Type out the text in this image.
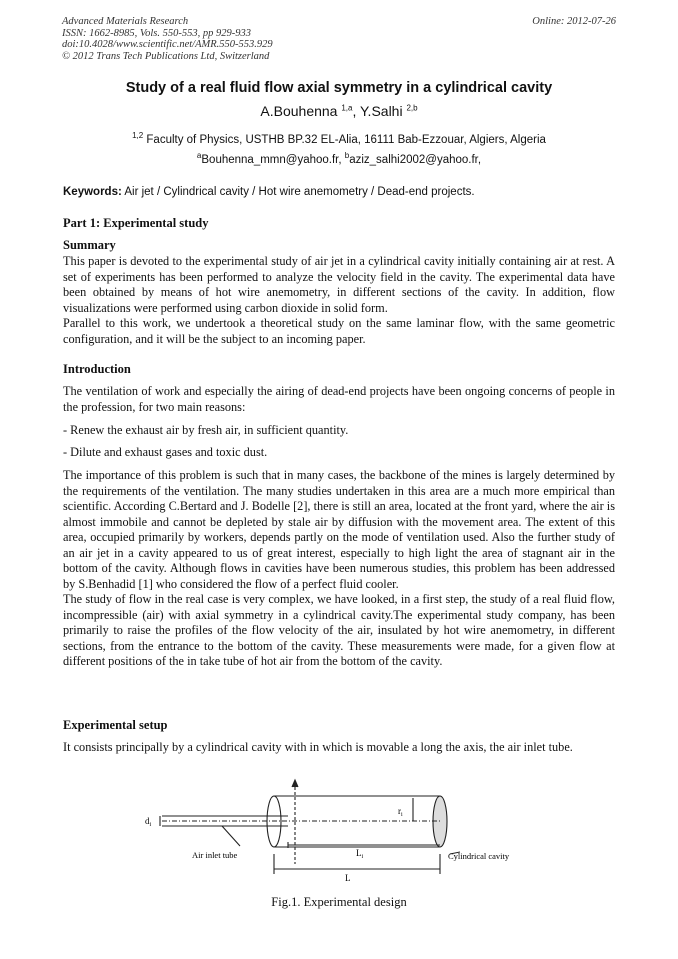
Advanced Materials Research
ISSN: 1662-8985, Vols. 550-553, pp 929-933
doi:10.4028/www.scientific.net/AMR.550-553.929
© 2012 Trans Tech Publications Ltd, Switzerland
Online: 2012-07-26
Study of a real fluid flow axial symmetry in a cylindrical cavity
A.Bouhenna $^{1,a}$, Y.Salhi $^{2,b}$
$^{1,2}$ Faculty of Physics, USTHB BP.32 EL-Alia, 16111 Bab-Ezzouar, Algiers, Algeria
$^a$Bouhenna_mmn@yahoo.fr, $^b$aziz_salhi2002@yahoo.fr,
Keywords: Air jet / Cylindrical cavity / Hot wire anemometry / Dead-end projects.
Part 1: Experimental study
Summary

This paper is devoted to the experimental study of air jet in a cylindrical cavity initially containing air at rest. A set of experiments has been performed to analyze the velocity field in the cavity. The experimental data have been obtained by means of hot wire anemometry, in different sections of the cavity. In addition, flow visualizations were performed using carbon dioxide in solid form.

Parallel to this work, we undertook a theoretical study on the same laminar flow, with the same geometric configuration, and it will be the subject to an incoming paper.

Introduction

The ventilation of work and especially the airing of dead-end projects have been ongoing concerns of people in the profession, for two main reasons:

- Renew the exhaust air by fresh air, in sufficient quantity.

- Dilute and exhaust gases and toxic dust.

The importance of this problem is such that in many cases, the backbone of the mines is largely determined by the requirements of the ventilation. The many studies undertaken in this area are a much more empirical than scientific. According C.Bertard and J. Bodelle [2], there is still an area, located at the front yard, where the air is almost immobile and cannot be depleted by stale air by diffusion with the movement area. The extent of this area, occupied primarily by workers, depends partly on the mode of ventilation used. Also the further study of an air jet in a cavity appeared to us of great interest, especially to high light the area of stagnant air in the bottom of the cavity. Although flows in cavities have been numerous studies, this problem has been addressed by S.Benhadid [1] who considered the flow of a perfect fluid cooler.

The study of flow in the real case is very complex, we have looked, in a first step, the study of a real fluid flow, incompressible (air) with axial symmetry in a cylindrical cavity.The experimental study company, has been primarily to raise the profiles of the flow velocity of the air, insulated by hot wire anemometry, in different sections, from the entrance to the bottom of the cavity. These measurements were made, for a given flow at different positions of the in take tube of hot air from the bottom of the cavity.

Experimental setup

It consists principally by a cylindrical cavity with in which is movable a long the axis, the air inlet tube.

$d_i$
$r_i$
$L_i$
L
Air inlet tube	Cylindrical cavity
Fig.1. Experimental design
